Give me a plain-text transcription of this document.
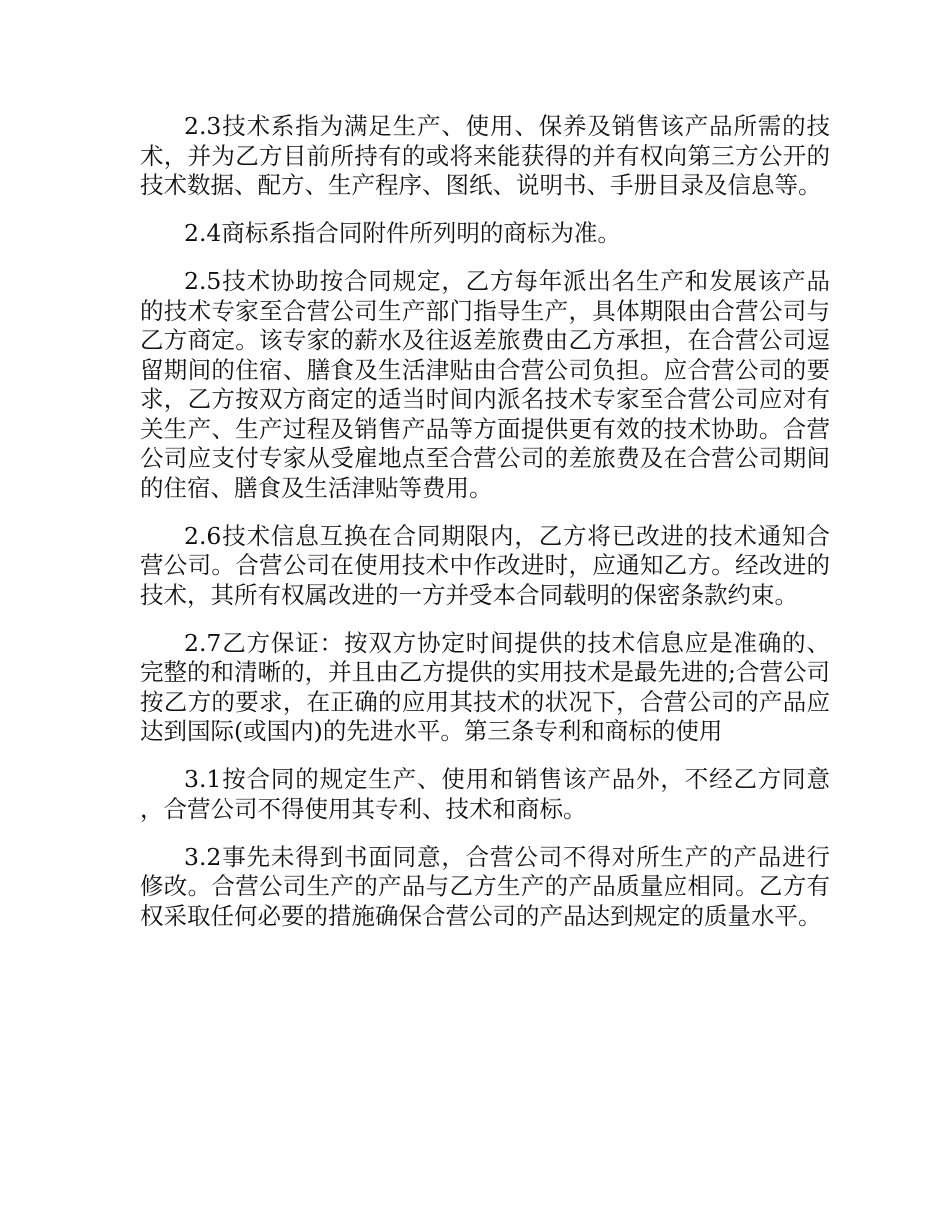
2.3技术系指为满足生产、使用、保养及销售该产品所需的技术，并为乙方目前所持有的或将来能获得的并有权向第三方公开的技术数据、配方、生产程序、图纸、说明书、手册目录及信息等。

2.4商标系指合同附件所列明的商标为准。

2.5技术协助按合同规定，乙方每年派出名生产和发展该产品的技术专家至合营公司生产部门指导生产，具体期限由合营公司与乙方商定。该专家的薪水及往返差旅费由乙方承担，在合营公司逗留期间的住宿、膳食及生活津贴由合营公司负担。应合营公司的要求，乙方按双方商定的适当时间内派名技术专家至合营公司应对有关生产、生产过程及销售产品等方面提供更有效的技术协助。合营公司应支付专家从受雇地点至合营公司的差旅费及在合营公司期间的住宿、膳食及生活津贴等费用。

2.6技术信息互换在合同期限内，乙方将已改进的技术通知合营公司。合营公司在使用技术中作改进时，应通知乙方。经改进的技术，其所有权属改进的一方并受本合同载明的保密条款约束。

2.7乙方保证：按双方协定时间提供的技术信息应是准确的、完整的和清晰的，并且由乙方提供的实用技术是最先进的;合营公司按乙方的要求，在正确的应用其技术的状况下，合营公司的产品应达到国际(或国内)的先进水平。第三条专利和商标的使用

3.1按合同的规定生产、使用和销售该产品外，不经乙方同意，合营公司不得使用其专利、技术和商标。

3.2事先未得到书面同意，合营公司不得对所生产的产品进行修改。合营公司生产的产品与乙方生产的产品质量应相同。乙方有权采取任何必要的措施确保合营公司的产品达到规定的质量水平。
